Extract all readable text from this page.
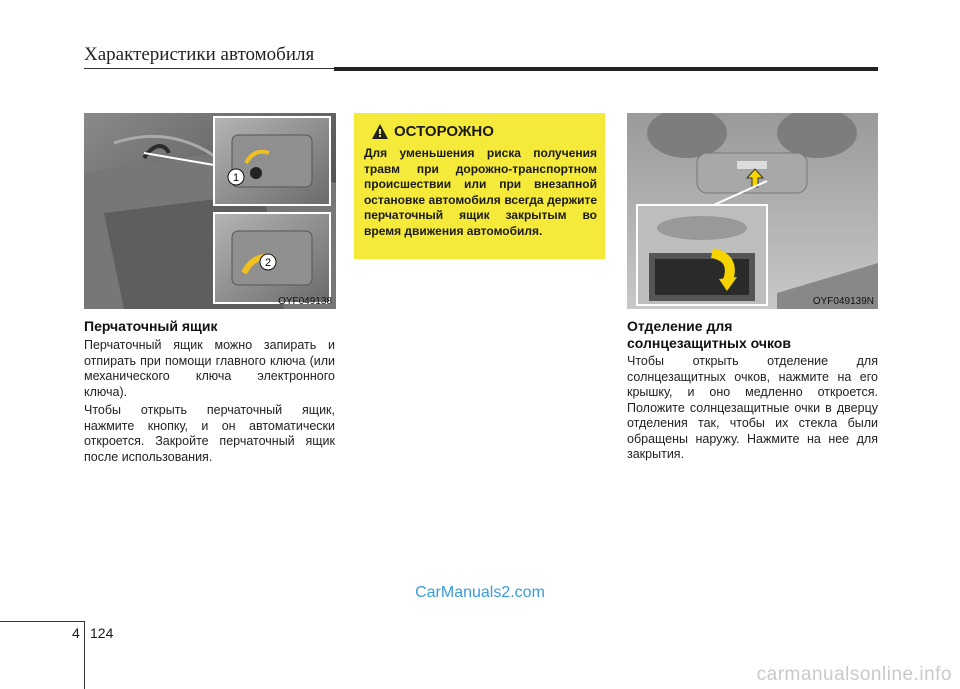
Характеристики автомобиля
1
2
OYF049138
Перчаточный ящик

Перчаточный ящик можно запирать и отпирать при помощи главного ключа (или механического ключа электронного ключа).

Чтобы открыть перчаточный ящик, нажмите кнопку, и он автоматически откроется. Закройте перчаточный ящик после использования.

ОСТОРОЖНО
Для уменьшения риска получения травм при дорожно-транспортном происшествии или при внезапной остановке автомобиля всегда держите перчаточный ящик закрытым во время движения автомобиля.
OYF049139N
Отделение для
солнцезащитных очков

Чтобы открыть отделение для солнцезащитных очков, нажмите на его крышку, и оно медленно откроется. Положите солнцезащитные очки в дверцу отделения так, чтобы их стекла были обращены наружу. Нажмите на нее для закрытия.

CarManuals2.com
4 124
carmanualsonline.info
